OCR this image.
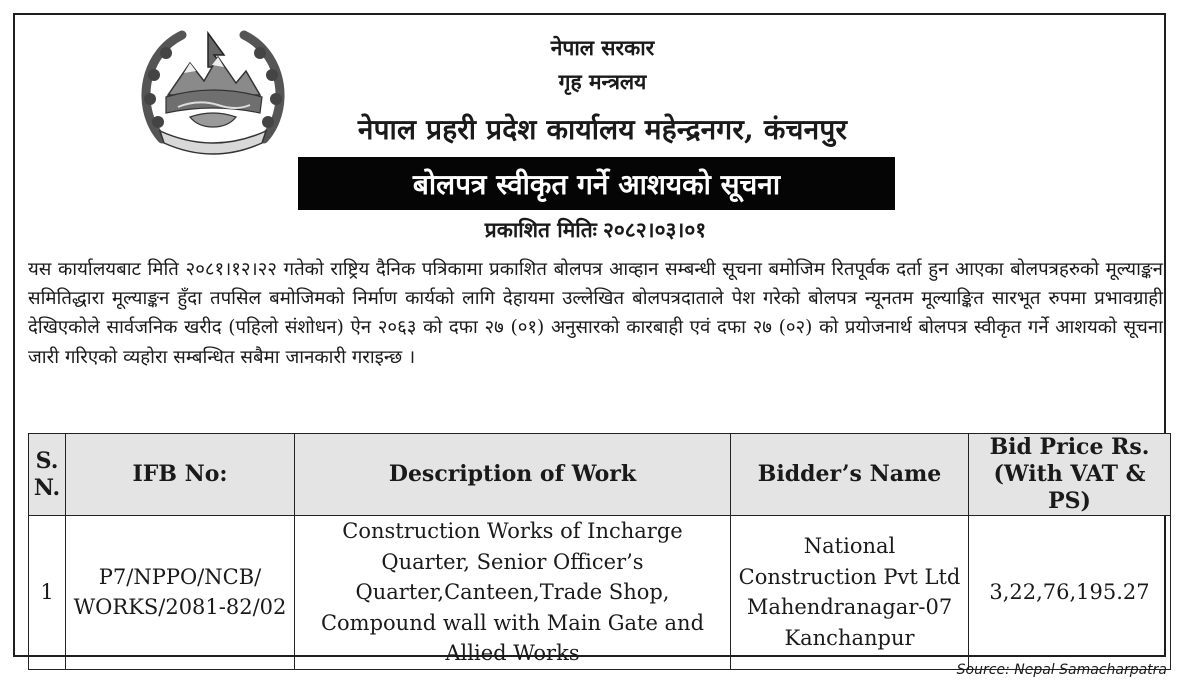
नेपाल सरकार
गृह मन्त्रलय
नेपाल प्रहरी प्रदेश कार्यालय महेन्द्रनगर, कंचनपुर
बोलपत्र स्वीकृत गर्ने आशयको सूचना
प्रकाशित मितिः २०८२।०३।०१
यस कार्यालयबाट मिति २०८१।१२।२२ गतेको राष्ट्रिय दैनिक पत्रिकामा प्रकाशित बोलपत्र आव्हान सम्बन्धी सूचना बमोजिम रितपूर्वक दर्ता हुन आएका बोलपत्रहरुको मूल्याङ्कन समितिद्धारा मूल्याङ्कन हुँदा तपसिल बमोजिमको निर्माण कार्यको लागि देहायमा उल्लेखित बोलपत्रदाताले पेश गरेको बोलपत्र न्यूनतम मूल्याङ्कित सारभूत रुपमा प्रभावग्राही देखिएकोले सार्वजनिक खरीद (पहिलो संशोधन) ऐन २०६३ को दफा २७ (०१) अनुसारको कारबाही एवं दफा २७ (०२) को प्रयोजनार्थ बोलपत्र स्वीकृत गर्ने आशयको सूचना जारी गरिएको व्यहोरा सम्बन्धित सबैमा जानकारी गराइन्छ ।
S. N.	IFB No:	Description of Work	Bidder’s Name	Bid Price Rs. (With VAT & PS)
1	P7/NPPO/NCB/ WORKS/2081-82/02	Construction Works of Incharge Quarter, Senior Officer’s Quarter,Canteen,Trade Shop, Compound wall with Main Gate and Allied Works	National Construction Pvt Ltd Mahendranagar-07 Kanchanpur	3,22,76,195.27
Source: Nepal Samacharpatra
